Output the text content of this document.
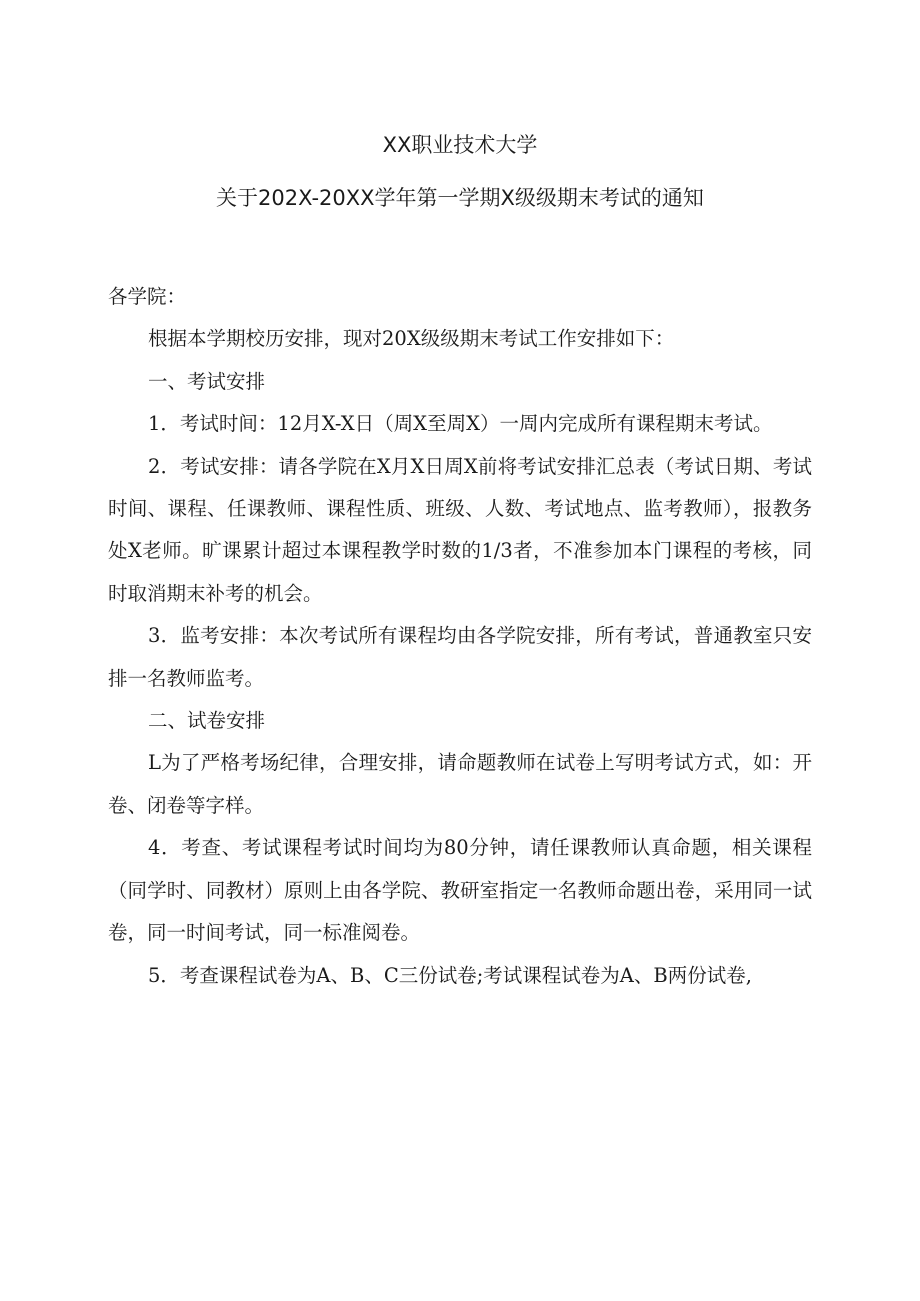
XX职业技术大学
关于202X-20XX学年第一学期X级级期末考试的通知

各学院：

根据本学期校历安排，现对20X级级期末考试工作安排如下：

一、考试安排

1．考试时间：12月X-X日（周X至周X）一周内完成所有课程期末考试。

2．考试安排：请各学院在X月X日周X前将考试安排汇总表（考试日期、考试时间、课程、任课教师、课程性质、班级、人数、考试地点、监考教师），报教务处X老师。旷课累计超过本课程教学时数的1/3者，不准参加本门课程的考核，同时取消期末补考的机会。

3．监考安排：本次考试所有课程均由各学院安排，所有考试，普通教室只安排一名教师监考。

二、试卷安排

L为了严格考场纪律，合理安排，请命题教师在试卷上写明考试方式，如：开卷、闭卷等字样。

4．考查、考试课程考试时间均为80分钟，请任课教师认真命题，相关课程（同学时、同教材）原则上由各学院、教研室指定一名教师命题出卷，采用同一试卷，同一时间考试，同一标准阅卷。

5．考查课程试卷为A、B、C三份试卷;考试课程试卷为A、B两份试卷,
